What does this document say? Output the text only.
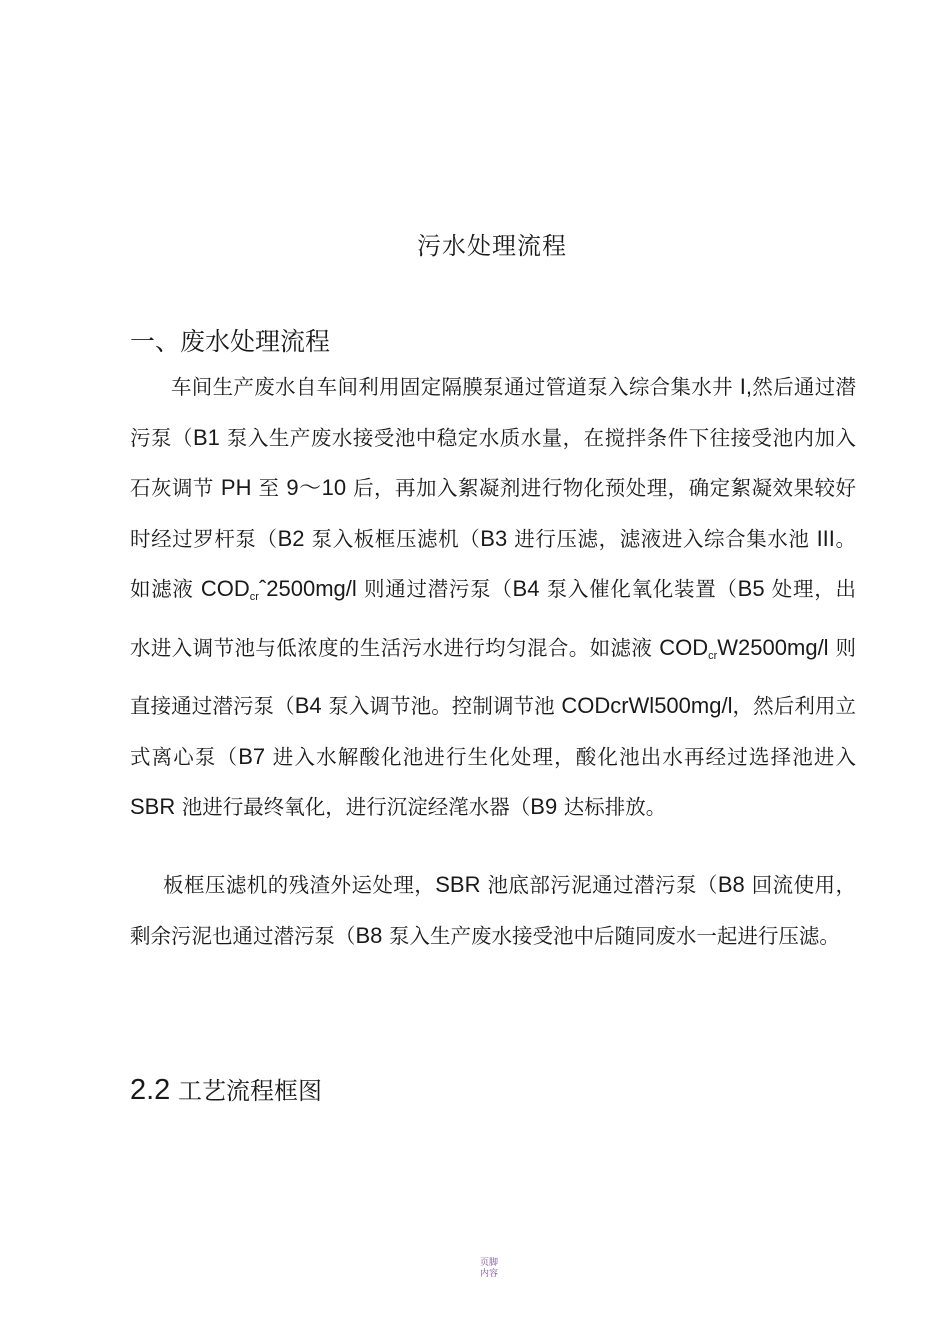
污水处理流程
一、废水处理流程

车间生产废水自车间利用固定隔膜泵通过管道泵入综合集水井 I,然后通过潜污泵（B1 泵入生产废水接受池中稳定水质水量，在搅拌条件下往接受池内加入石灰调节 PH 至 9〜10 后，再加入絮凝剂进行物化预处理，确定絮凝效果较好时经过罗杆泵（B2 泵入板框压滤机（B3 进行压滤，滤液进入综合集水池 III。如滤液 $COD_{cr}ˆ2500mg/l$ 则通过潜污泵（B4 泵入催化氧化装置（B5 处理，出水进入调节池与低浓度的生活污水进行均匀混合。如滤液 $COD_{cr}W2500mg/l$ 则直接通过潜污泵（B4 泵入调节池。控制调节池 CODcrWl500mg/l，然后利用立式离心泵（B7 进入水解酸化池进行生化处理，酸化池出水再经过选择池进入 SBR 池进行最终氧化，进行沉淀经滗水器（B9 达标排放。

板框压滤机的残渣外运处理，SBR 池底部污泥通过潜污泵（B8 回流使用，剩余污泥也通过潜污泵（B8 泵入生产废水接受池中后随同废水一起进行压滤。

2.2 工艺流程框图
页脚
内容
